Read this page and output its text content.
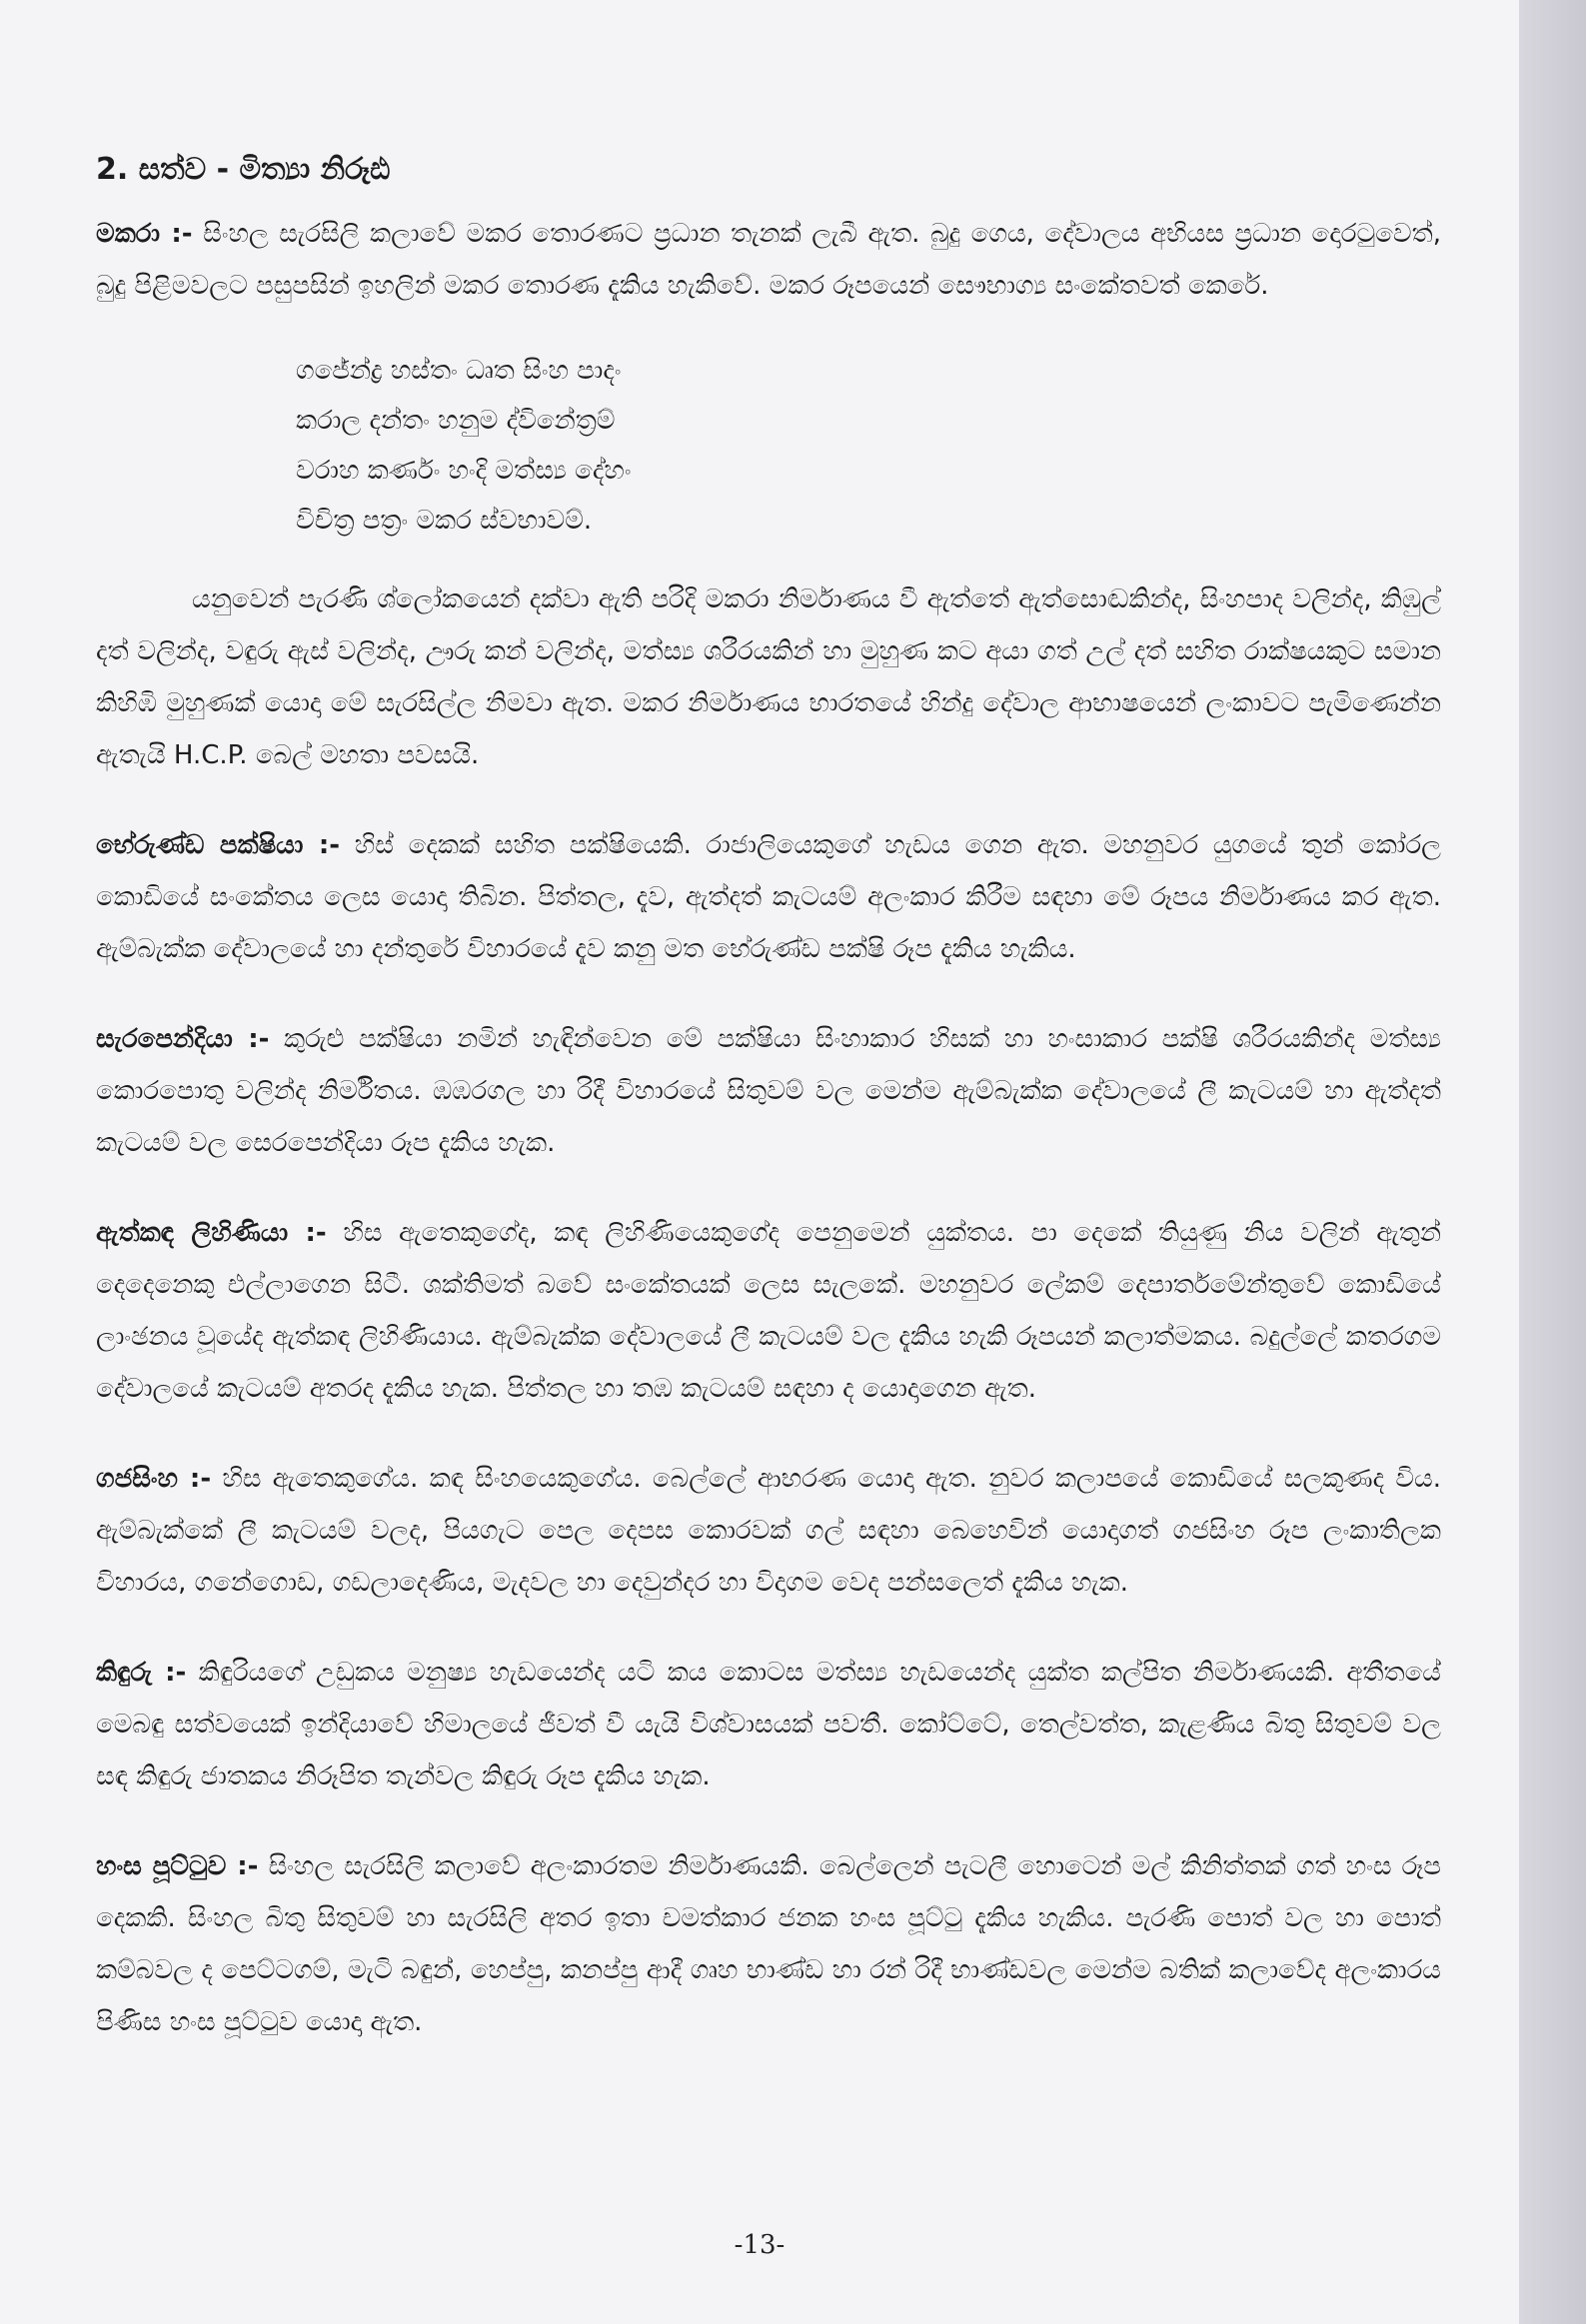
2. සත්ව - මිත්‍යා නිරූඪ

මකරා :- සිංහල සැරසිලි කලාවේ මකර තොරණට ප්‍රධාන තැනක් ලැබී ඇත. බුදු ගෙය, දේවාලය අභියස ප්‍රධාන දොරටුවෙත්, බුදු පිළිමවලට පසුපසින් ඉහලින් මකර තොරණ දැකිය හැකිවේ. මකර රූපයෙන් සෞභාග්‍ය සංකේතවත් කෙරේ.

ගජේන්ද්‍ර හස්තං ධෘත සිංහ පාදං
කරාල දන්තං හනුම ද්විනේත්‍රම්
වරාහ කර්ණං හංදි මත්ස්‍ය දේහං
විචිත්‍ර පත්‍රං මකර ස්වභාවම්.

යනුවෙන් පැරණි ශ්ලෝකයෙන් දක්වා ඇති පරිදි මකරා නිර්මාණය වී ඇත්තේ ඇත්සොඬකින්ද, සිංහපාද වලින්ද, කිඹුල් දත් වලින්ද, වඳුරු ඇස් වලින්ද, ඌරු කන් වලින්ද, මත්ස්‍ය ශරීරයකින් හා මුහුණ කට අයා ගත් උල් දත් සහිත රාක්ෂයකුට සමාන කිහිඹි මුහුණක් යොදා මේ සැරසිල්ල නිමවා ඇත. මකර නිර්මාණය භාරතයේ හින්දු දේවාල ආභාෂයෙන් ලංකාවට පැමිණෙන්න ඇතැයි H.C.P. බෙල් මහතා පවසයි.

භේරුණ්ඩ පක්ෂියා :- හිස් දෙකක් සහිත පක්ෂියෙකි. රාජාලියෙකුගේ හැඩය ගෙන ඇත. මහනුවර යුගයේ තුන් කෝරල කොඩියේ සංකේතය ලෙස යොදා තිබින. පිත්තල, දැව, ඇත්දත් කැටයම් අලංකාර කිරීම සඳහා මේ රූපය නිර්මාණය කර ඇත. ඇම්බැක්ක දේවාලයේ හා දන්තුරේ විහාරයේ දැව කනු මත භේරුණ්ඩ පක්ෂි රූප දැකිය හැකිය.

සැරපෙන්දියා :- කුරුළු පක්ෂියා නමින් හැඳින්වෙන මේ පක්ෂියා සිංහාකාර හිසක් හා හංසාකාර පක්ෂි ශරීරයකින්ද මත්ස්‍ය කොරපොතු වලින්ද නිර්මිතය. ඹඹරගල හා රිදී විහාරයේ සිතුවම් වල මෙන්ම ඇම්බැක්ක දේවාලයේ ලී කැටයම් හා ඇත්දත් කැටයම් වල සෙරපෙන්දියා රූප දැකිය හැක.

ඇත්කඳ ලිහිණියා :- හිස ඇතෙකුගේද, කඳ ලිහිණියෙකුගේද පෙනුමෙන් යුක්තය. පා දෙකේ තියුණු නිය වලින් ඇතුන් දෙදෙනෙකු එල්ලාගෙන සිටී. ශක්තිමත් බවේ සංකේතයක් ලෙස සැලකේ. මහනුවර ලේකම් දෙපාර්තමේන්තුවේ කොඩියේ ලාංඡනය වූයේද ඇත්කඳ ලිහිණියාය. ඇම්බැක්ක දේවාලයේ ලී කැටයම් වල දැකිය හැකි රූපයන් කලාත්මකය. බදුල්ලේ කතරගම දේවාලයේ කැටයම් අතරද දැකිය හැක. පිත්තල හා තඹ කැටයම් සඳහා ද යොදාගෙන ඇත.

ගජසිංහ :- හිස ඇතෙකුගේය. කඳ සිංහයෙකුගේය. බෙල්ලේ ආභරණ යොදා ඇත. නුවර කලාපයේ කොඩියේ සලකුණද විය. ඇම්බැක්කේ ලී කැටයම් වලද, පියගැට පෙල දෙපස කොරවක් ගල් සඳහා බෙහෙවින් යොදාගත් ගජසිංහ රූප ලංකාතිලක විහාරය, ගනේගොඩ, ගඩලාදෙණිය, මැදවල හා දෙවුන්දර හා විදාගම වෙද පන්සලෙත් දැකිය හැක.

කිඳුරු :- කිඳුරියගේ උඩුකය මනුෂ්‍ය හැඩයෙන්ද යටි කය කොටස මත්ස්‍ය හැඩයෙන්ද යුක්ත කල්පිත නිර්මාණයකි. අතීතයේ මෙබඳු සත්වයෙක් ඉන්දියාවේ හිමාලයේ ජීවත් වී යැයි විශ්වාසයක් පවතී. කෝට්ටේ, තෙල්වත්ත, කැළණිය බිතු සිතුවම් වල සඳ කිඳුරු ජාතකය නිරූපිත තැන්වල කිඳුරු රූප දැකිය හැක.

හංස පූට්ටුව :- සිංහල සැරසිලි කලාවේ අලංකාරතම නිර්මාණයකි. බෙල්ලෙන් පැටලී හොටෙන් මල් කිනිත්තක් ගත් හංස රූප දෙකකි. සිංහල බිතු සිතුවම් හා සැරසිලි අතර ඉතා චමත්කාර ජනක හංස පූට්ටු දැකිය හැකිය. පැරණි පොත් වල හා පොත් කම්බවල ද පෙට්ටගම්, මැටි බඳුන්, හෙප්පු, කනප්පු ආදී ගෘහ භාණ්ඩ හා රන් රිදී භාණ්ඩවල මෙන්ම බතික් කලාවේද අලංකාරය පිණිස හංස පූට්ටුව යොදා ඇත.

-13-
